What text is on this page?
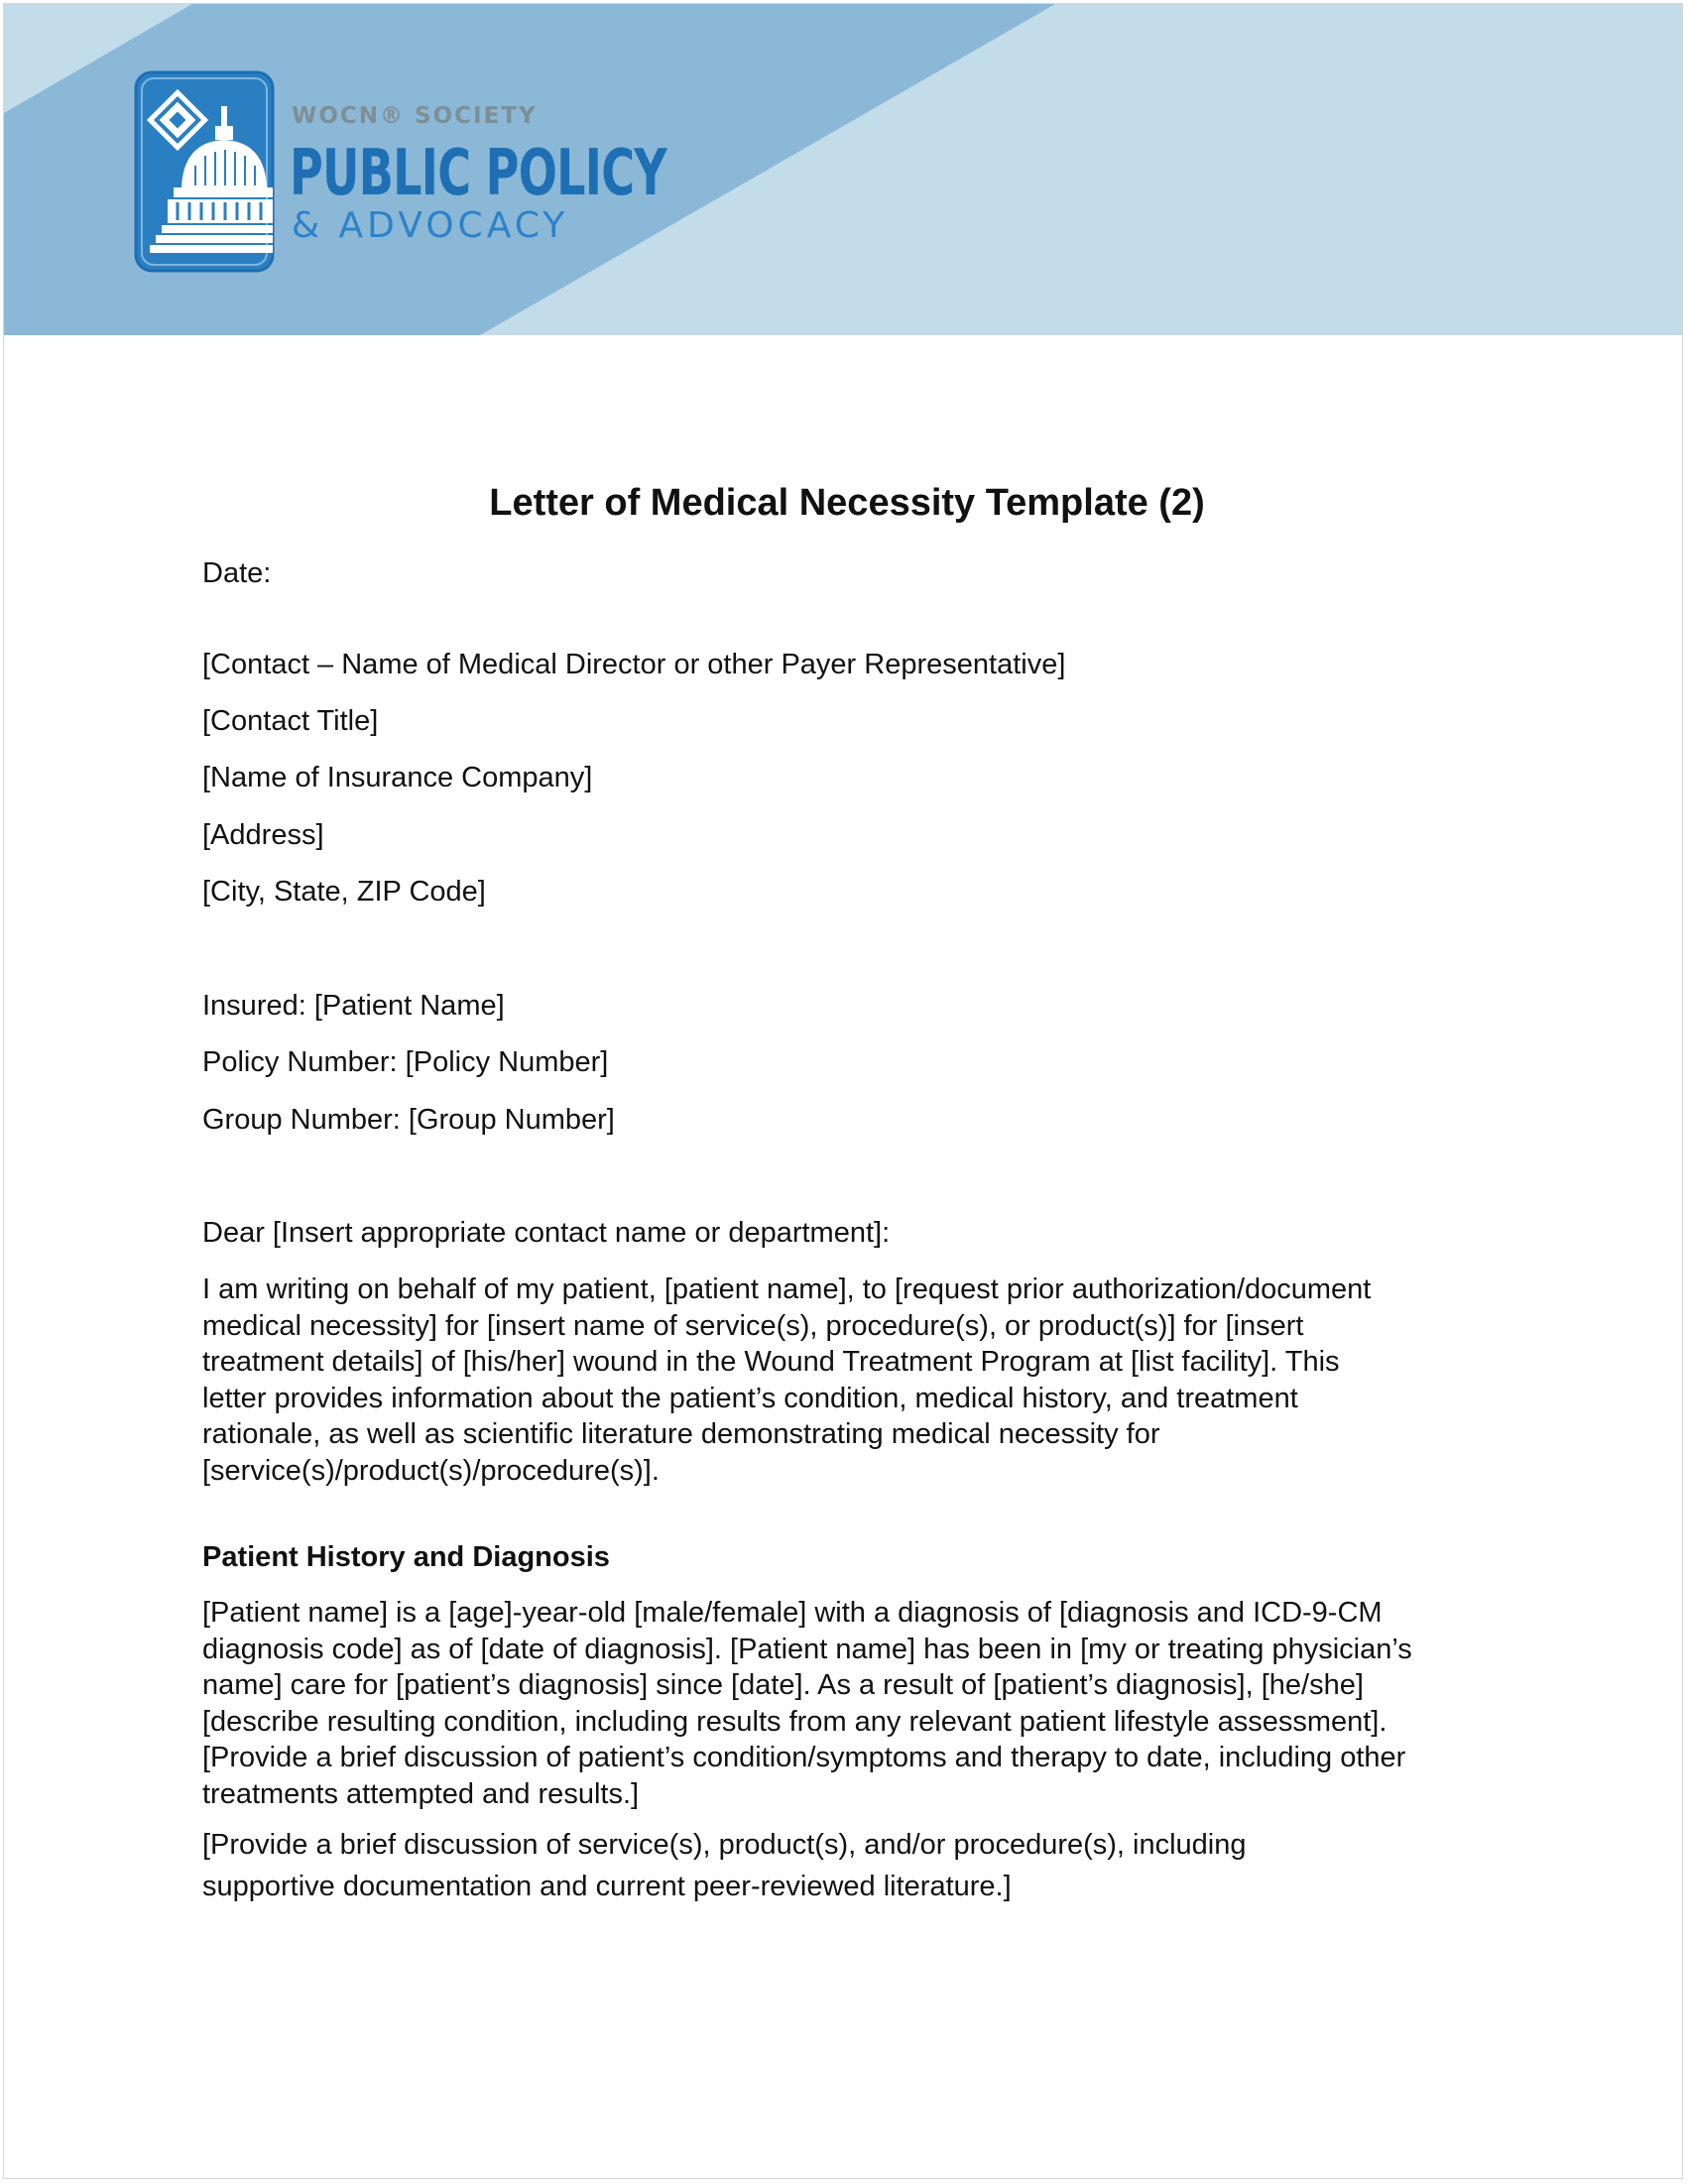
WOCN® SOCIETY
PUBLIC POLICY
& ADVOCACY
Letter of Medical Necessity Template (2)
Date:
[Contact – Name of Medical Director or other Payer Representative]
[Contact Title]
[Name of Insurance Company]
[Address]
[City, State, ZIP Code]
Insured: [Patient Name]
Policy Number: [Policy Number]
Group Number: [Group Number]
Dear [Insert appropriate contact name or department]:
I am writing on behalf of my patient, [patient name], to [request prior authorization/document
medical necessity] for [insert name of service(s), procedure(s), or product(s)] for [insert
treatment details] of [his/her] wound in the Wound Treatment Program at [list facility]. This
letter provides information about the patient’s condition, medical history, and treatment
rationale, as well as scientific literature demonstrating medical necessity for
[service(s)/product(s)/procedure(s)].
Patient History and Diagnosis
[Patient name] is a [age]-year-old [male/female] with a diagnosis of [diagnosis and ICD-9-CM
diagnosis code] as of [date of diagnosis]. [Patient name] has been in [my or treating physician’s
name] care for [patient’s diagnosis] since [date]. As a result of [patient’s diagnosis], [he/she]
[describe resulting condition, including results from any relevant patient lifestyle assessment].
[Provide a brief discussion of patient’s condition/symptoms and therapy to date, including other
treatments attempted and results.]
[Provide a brief discussion of service(s), product(s), and/or procedure(s), including
supportive documentation and current peer-reviewed literature.]
